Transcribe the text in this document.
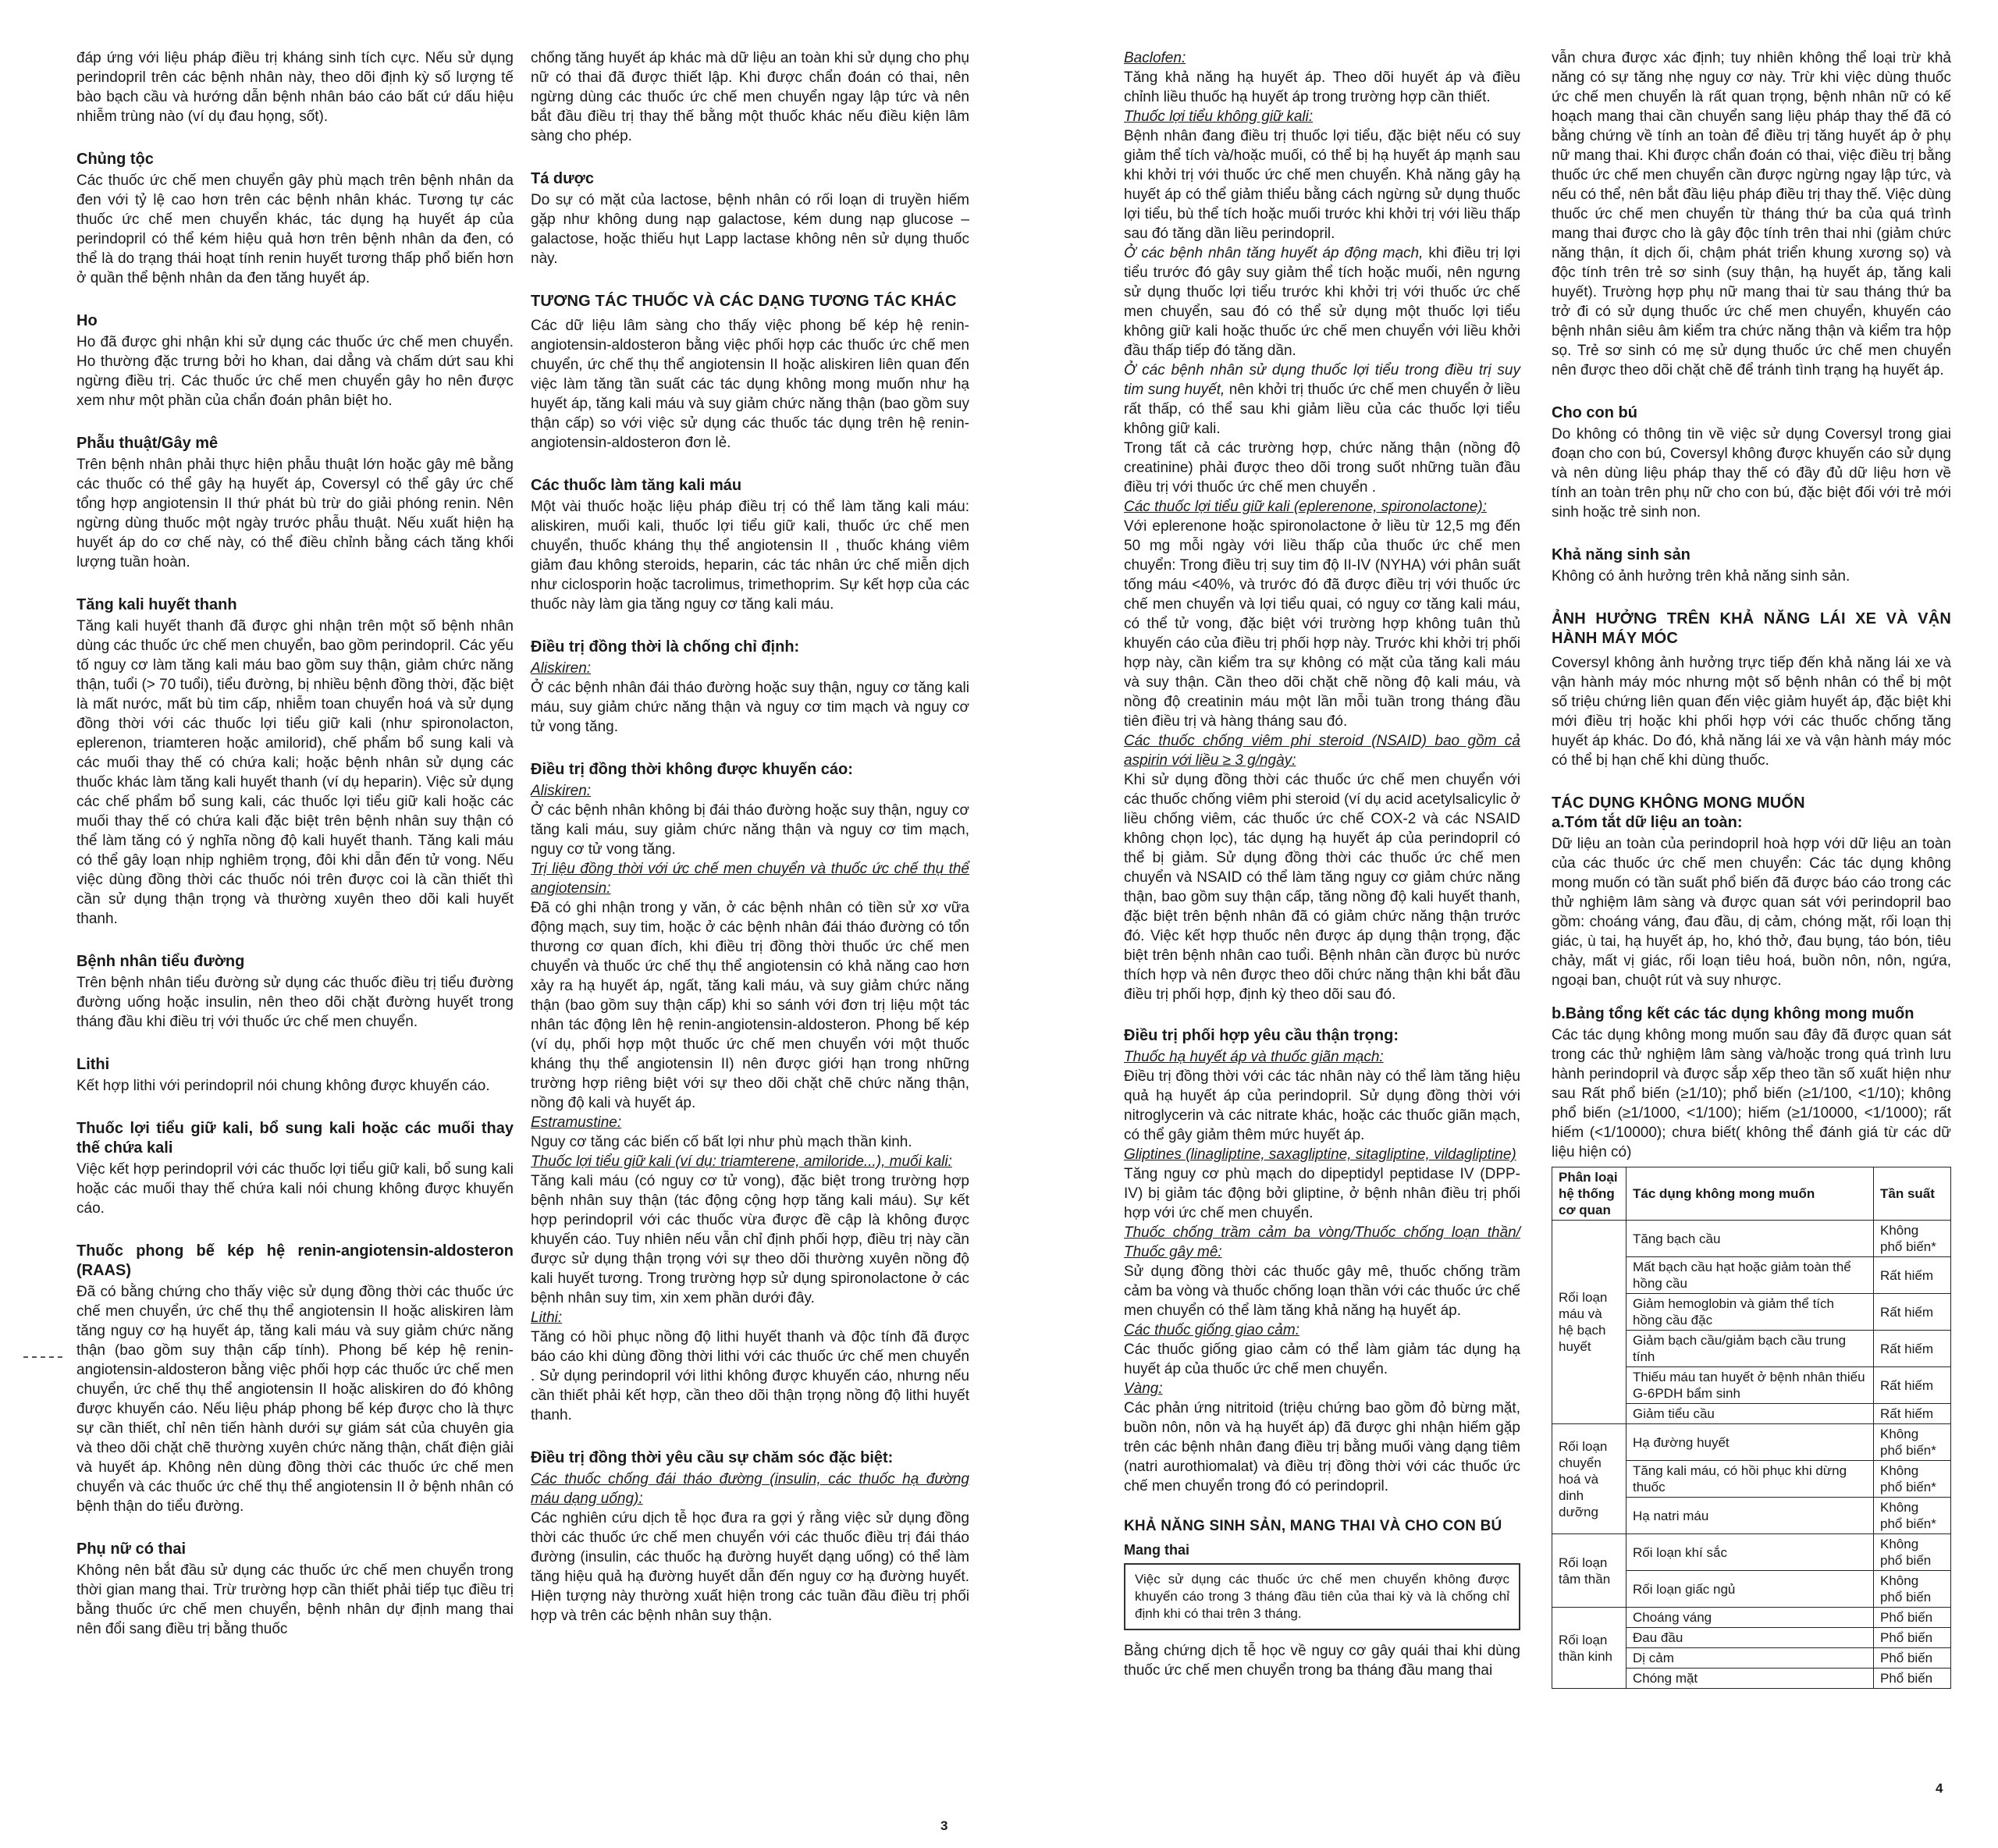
đáp ứng với liệu pháp điều trị kháng sinh tích cực. Nếu sử dụng perindopril trên các bệnh nhân này, theo dõi định kỳ số lượng tế bào bạch cầu và hướng dẫn bệnh nhân báo cáo bất cứ dấu hiệu nhiễm trùng nào (ví dụ đau họng, sốt).

Chủng tộc

Các thuốc ức chế men chuyển gây phù mạch trên bệnh nhân da đen với tỷ lệ cao hơn trên các bệnh nhân khác. Tương tự các thuốc ức chế men chuyển khác, tác dụng hạ huyết áp của perindopril có thể kém hiệu quả hơn trên bệnh nhân da đen, có thể là do trạng thái hoạt tính renin huyết tương thấp phổ biến hơn ở quần thể bệnh nhân da đen tăng huyết áp.

Ho

Ho đã được ghi nhận khi sử dụng các thuốc ức chế men chuyển. Ho thường đặc trưng bởi ho khan, dai dẳng và chấm dứt sau khi ngừng điều trị. Các thuốc ức chế men chuyển gây ho nên được xem như một phần của chẩn đoán phân biệt ho.

Phẫu thuật/Gây mê

Trên bệnh nhân phải thực hiện phẫu thuật lớn hoặc gây mê bằng các thuốc có thể gây hạ huyết áp, Coversyl có thể gây ức chế tổng hợp angiotensin II thứ phát bù trừ do giải phóng renin. Nên ngừng dùng thuốc một ngày trước phẫu thuật. Nếu xuất hiện hạ huyết áp do cơ chế này, có thể điều chỉnh bằng cách tăng khối lượng tuần hoàn.

Tăng kali huyết thanh

Tăng kali huyết thanh đã được ghi nhận trên một số bệnh nhân dùng các thuốc ức chế men chuyển, bao gồm perindopril. Các yếu tố nguy cơ làm tăng kali máu bao gồm suy thận, giảm chức năng thận, tuổi (> 70 tuổi), tiểu đường, bị nhiều bệnh đồng thời, đặc biệt là mất nước, mất bù tim cấp, nhiễm toan chuyển hoá và sử dụng đồng thời với các thuốc lợi tiểu giữ kali (như spironolacton, eplerenon, triamteren hoặc amilorid), chế phẩm bổ sung kali và các muối thay thế có chứa kali; hoặc bệnh nhân sử dụng các thuốc khác làm tăng kali huyết thanh (ví dụ heparin). Việc sử dụng các chế phẩm bổ sung kali, các thuốc lợi tiểu giữ kali hoặc các muối thay thế có chứa kali đặc biệt trên bệnh nhân suy thận có thể làm tăng có ý nghĩa nồng độ kali huyết thanh. Tăng kali máu có thể gây loạn nhịp nghiêm trọng, đôi khi dẫn đến tử vong. Nếu việc dùng đồng thời các thuốc nói trên được coi là cần thiết thì cần sử dụng thận trọng và thường xuyên theo dõi kali huyết thanh.

Bệnh nhân tiểu đường

Trên bệnh nhân tiểu đường sử dụng các thuốc điều trị tiểu đường đường uống hoặc insulin, nên theo dõi chặt đường huyết trong tháng đầu khi điều trị với thuốc ức chế men chuyển.

Lithi

Kết hợp lithi với perindopril nói chung không được khuyến cáo.

Thuốc lợi tiểu giữ kali, bổ sung kali hoặc các muối thay thế chứa kali

Việc kết hợp perindopril với các thuốc lợi tiểu giữ kali, bổ sung kali hoặc các muối thay thế chứa kali nói chung không được khuyến cáo.

Thuốc phong bế kép hệ renin-angiotensin-aldosteron (RAAS)

Đã có bằng chứng cho thấy việc sử dụng đồng thời các thuốc ức chế men chuyển, ức chế thụ thể angiotensin II hoặc aliskiren làm tăng nguy cơ hạ huyết áp, tăng kali máu và suy giảm chức năng thận (bao gồm suy thận cấp tính). Phong bế kép hệ renin-angiotensin-aldosteron bằng việc phối hợp các thuốc ức chế men chuyển, ức chế thụ thể angiotensin II hoặc aliskiren do đó không được khuyến cáo. Nếu liệu pháp phong bế kép được cho là thực sự cần thiết, chỉ nên tiến hành dưới sự giám sát của chuyên gia và theo dõi chặt chẽ thường xuyên chức năng thận, chất điện giải và huyết áp. Không nên dùng đồng thời các thuốc ức chế men chuyển và các thuốc ức chế thụ thể angiotensin II ở bệnh nhân có bệnh thận do tiểu đường.

Phụ nữ có thai

Không nên bắt đầu sử dụng các thuốc ức chế men chuyển trong thời gian mang thai. Trừ trường hợp cần thiết phải tiếp tục điều trị bằng thuốc ức chế men chuyển, bệnh nhân dự định mang thai nên đổi sang điều trị bằng thuốc

chống tăng huyết áp khác mà dữ liệu an toàn khi sử dụng cho phụ nữ có thai đã được thiết lập. Khi được chẩn đoán có thai, nên ngừng dùng các thuốc ức chế men chuyển ngay lập tức và nên bắt đầu điều trị thay thế bằng một thuốc khác nếu điều kiện lâm sàng cho phép.

Tá dược

Do sự có mặt của lactose, bệnh nhân có rối loạn di truyền hiếm gặp như không dung nạp galactose, kém dung nạp glucose – galactose, hoặc thiếu hụt Lapp lactase không nên sử dụng thuốc này.

TƯƠNG TÁC THUỐC VÀ CÁC DẠNG TƯƠNG TÁC KHÁC

Các dữ liệu lâm sàng cho thấy việc phong bế kép hệ renin-angiotensin-aldosteron bằng việc phối hợp các thuốc ức chế men chuyển, ức chế thụ thể angiotensin II hoặc aliskiren liên quan đến việc làm tăng tần suất các tác dụng không mong muốn như hạ huyết áp, tăng kali máu và suy giảm chức năng thận (bao gồm suy thận cấp) so với việc sử dụng các thuốc tác dụng trên hệ renin-angiotensin-aldosteron đơn lẻ.

Các thuốc làm tăng kali máu

Một vài thuốc hoặc liệu pháp điều trị có thể làm tăng kali máu: aliskiren, muối kali, thuốc lợi tiểu giữ kali, thuốc ức chế men chuyển, thuốc kháng thụ thể angiotensin II , thuốc kháng viêm giảm đau không steroids, heparin, các tác nhân ức chế miễn dịch như ciclosporin hoặc tacrolimus, trimethoprim. Sự kết hợp của các thuốc này làm gia tăng nguy cơ tăng kali máu.

Điều trị đồng thời là chống chỉ định:

Aliskiren:

Ở các bệnh nhân đái tháo đường hoặc suy thận, nguy cơ tăng kali máu, suy giảm chức năng thận và nguy cơ tim mạch và nguy cơ tử vong tăng.

Điều trị đồng thời không được khuyến cáo:

Aliskiren:

Ở các bệnh nhân không bị đái tháo đường hoặc suy thận, nguy cơ tăng kali máu, suy giảm chức năng thận và nguy cơ tim mạch, nguy cơ tử vong tăng.

Trị liệu đồng thời với ức chế men chuyển và thuốc ức chế thụ thể angiotensin:

Đã có ghi nhận trong y văn, ở các bệnh nhân có tiền sử xơ vữa động mạch, suy tim, hoặc ở các bệnh nhân đái tháo đường có tổn thương cơ quan đích, khi điều trị đồng thời thuốc ức chế men chuyển và thuốc ức chế thụ thể angiotensin có khả năng cao hơn xảy ra hạ huyết áp, ngất, tăng kali máu, và suy giảm chức năng thận (bao gồm suy thận cấp) khi so sánh với đơn trị liệu một tác nhân tác động lên hệ renin-angiotensin-aldosteron. Phong bế kép (ví dụ, phối hợp một thuốc ức chế men chuyển với một thuốc kháng thụ thể angiotensin II) nên được giới hạn trong những trường hợp riêng biệt với sự theo dõi chặt chẽ chức năng thận, nồng độ kali và huyết áp.

Estramustine:

Nguy cơ tăng các biến cố bất lợi như phù mạch thần kinh.

Thuốc lợi tiểu giữ kali (ví dụ: triamterene, amiloride...), muối kali:

Tăng kali máu (có nguy cơ tử vong), đặc biệt trong trường hợp bệnh nhân suy thận (tác động cộng hợp tăng kali máu). Sự kết hợp perindopril với các thuốc vừa được đề cập là không được khuyến cáo. Tuy nhiên nếu vẫn chỉ định phối hợp, điều trị này cần được sử dụng thận trọng với sự theo dõi thường xuyên nồng độ kali huyết tương. Trong trường hợp sử dụng spironolactone ở các bệnh nhân suy tim, xin xem phần dưới đây.

Lithi:

Tăng có hồi phục nồng độ lithi huyết thanh và độc tính đã được báo cáo khi dùng đồng thời lithi với các thuốc ức chế men chuyển . Sử dụng perindopril với lithi không được khuyến cáo, nhưng nếu cần thiết phải kết hợp, cần theo dõi thận trọng nồng độ lithi huyết thanh.

Điều trị đồng thời yêu cầu sự chăm sóc đặc biệt:

Các thuốc chống đái tháo đường (insulin, các thuốc hạ đường máu dạng uống):

Các nghiên cứu dịch tễ học đưa ra gợi ý rằng việc sử dụng đồng thời các thuốc ức chế men chuyển với các thuốc điều trị đái tháo đường (insulin, các thuốc hạ đường huyết dạng uống) có thể làm tăng hiệu quả hạ đường huyết dẫn đến nguy cơ hạ đường huyết. Hiện tượng này thường xuất hiện trong các tuần đầu điều trị phối hợp và trên các bệnh nhân suy thận.

3

Baclofen:

Tăng khả năng hạ huyết áp. Theo dõi huyết áp và điều chỉnh liều thuốc hạ huyết áp trong trường hợp cần thiết.

Thuốc lợi tiểu không giữ kali:

Bệnh nhân đang điều trị thuốc lợi tiểu, đặc biệt nếu có suy giảm thể tích và/hoặc muối, có thể bị hạ huyết áp mạnh sau khi khởi trị với thuốc ức chế men chuyển. Khả năng gây hạ huyết áp có thể giảm thiểu bằng cách ngừng sử dụng thuốc lợi tiểu, bù thể tích hoặc muối trước khi khởi trị với liều thấp sau đó tăng dần liều perindopril.

Ở các bệnh nhân tăng huyết áp động mạch, khi điều trị lợi tiểu trước đó gây suy giảm thể tích hoặc muối, nên ngưng sử dụng thuốc lợi tiểu trước khi khởi trị với thuốc ức chế men chuyển, sau đó có thể sử dụng một thuốc lợi tiểu không giữ kali hoặc thuốc ức chế men chuyển với liều khởi đầu thấp tiếp đó tăng dần.

Ở các bệnh nhân sử dụng thuốc lợi tiểu trong điều trị suy tim sung huyết, nên khởi trị thuốc ức chế men chuyển ở liều rất thấp, có thể sau khi giảm liều của các thuốc lợi tiểu không giữ kali.

Trong tất cả các trường hợp, chức năng thận (nồng độ creatinine) phải được theo dõi trong suốt những tuần đầu điều trị với thuốc ức chế men chuyển .

Các thuốc lợi tiểu giữ kali (eplerenone, spironolactone):

Với eplerenone hoặc spironolactone ở liều từ 12,5 mg đến 50 mg mỗi ngày với liều thấp của thuốc ức chế men chuyển: Trong điều trị suy tim độ II-IV (NYHA) với phân suất tống máu <40%, và trước đó đã được điều trị với thuốc ức chế men chuyển và lợi tiểu quai, có nguy cơ tăng kali máu, có thể tử vong, đặc biệt với trường hợp không tuân thủ khuyến cáo của điều trị phối hợp này. Trước khi khởi trị phối hợp này, cần kiểm tra sự không có mặt của tăng kali máu và suy thận. Cần theo dõi chặt chẽ nồng độ kali máu, và nồng độ creatinin máu một lần mỗi tuần trong tháng đầu tiên điều trị và hàng tháng sau đó.

Các thuốc chống viêm phi steroid (NSAID) bao gồm cả aspirin với liều ≥ 3 g/ngày:

Khi sử dụng đồng thời các thuốc ức chế men chuyển với các thuốc chống viêm phi steroid (ví dụ acid acetylsalicylic ở liều chống viêm, các thuốc ức chế COX-2 và các NSAID không chọn lọc), tác dụng hạ huyết áp của perindopril có thể bị giảm. Sử dụng đồng thời các thuốc ức chế men chuyển và NSAID có thể làm tăng nguy cơ giảm chức năng thận, bao gồm suy thận cấp, tăng nồng độ kali huyết thanh, đặc biệt trên bệnh nhân đã có giảm chức năng thận trước đó. Việc kết hợp thuốc nên được áp dụng thận trọng, đặc biệt trên bệnh nhân cao tuổi. Bệnh nhân cần được bù nước thích hợp và nên được theo dõi chức năng thận khi bắt đầu điều trị phối hợp, định kỳ theo dõi sau đó.

Điều trị phối hợp yêu cầu thận trọng:

Thuốc hạ huyết áp và thuốc giãn mạch:

Điều trị đồng thời với các tác nhân này có thể làm tăng hiệu quả hạ huyết áp của perindopril. Sử dụng đồng thời với nitroglycerin và các nitrate khác, hoặc các thuốc giãn mạch, có thể gây giảm thêm mức huyết áp.

Gliptines (linagliptine, saxagliptine, sitagliptine, vildagliptine)

Tăng nguy cơ phù mạch do dipeptidyl peptidase IV (DPP-IV) bị giảm tác động bởi gliptine, ở bệnh nhân điều trị phối hợp với ức chế men chuyển.

Thuốc chống trầm cảm ba vòng/Thuốc chống loạn thần/ Thuốc gây mê:

Sử dụng đồng thời các thuốc gây mê, thuốc chống trầm cảm ba vòng và thuốc chống loạn thần với các thuốc ức chế men chuyển có thể làm tăng khả năng hạ huyết áp.

Các thuốc giống giao cảm:

Các thuốc giống giao cảm có thể làm giảm tác dụng hạ huyết áp của thuốc ức chế men chuyển.

Vàng:

Các phản ứng nitritoid (triệu chứng bao gồm đỏ bừng mặt, buồn nôn, nôn và hạ huyết áp) đã được ghi nhận hiếm gặp trên các bệnh nhân đang điều trị bằng muối vàng dạng tiêm (natri aurothiomalat) và điều trị đồng thời với các thuốc ức chế men chuyển trong đó có perindopril.

KHẢ NĂNG SINH SẢN, MANG THAI VÀ CHO CON BÚ
Mang thai
Việc sử dụng các thuốc ức chế men chuyển không được khuyến cáo trong 3 tháng đầu tiên của thai kỳ và là chống chỉ định khi có thai trên 3 tháng.

Bằng chứng dịch tễ học về nguy cơ gây quái thai khi dùng thuốc ức chế men chuyển trong ba tháng đầu mang thai

vẫn chưa được xác định; tuy nhiên không thể loại trừ khả năng có sự tăng nhẹ nguy cơ này. Trừ khi việc dùng thuốc ức chế men chuyển là rất quan trọng, bệnh nhân nữ có kế hoạch mang thai cần chuyển sang liệu pháp thay thế đã có bằng chứng về tính an toàn để điều trị tăng huyết áp ở phụ nữ mang thai. Khi được chẩn đoán có thai, việc điều trị bằng thuốc ức chế men chuyển cần được ngừng ngay lập tức, và nếu có thể, nên bắt đầu liệu pháp điều trị thay thế. Việc dùng thuốc ức chế men chuyển từ tháng thứ ba của quá trình mang thai được cho là gây độc tính trên thai nhi (giảm chức năng thận, ít dịch ối, chậm phát triển khung xương sọ) và độc tính trên trẻ sơ sinh (suy thận, hạ huyết áp, tăng kali huyết). Trường hợp phụ nữ mang thai từ sau tháng thứ ba trở đi có sử dụng thuốc ức chế men chuyển, khuyến cáo bệnh nhân siêu âm kiểm tra chức năng thận và kiểm tra hộp sọ. Trẻ sơ sinh có mẹ sử dụng thuốc ức chế men chuyển nên được theo dõi chặt chẽ để tránh tình trạng hạ huyết áp.

Cho con bú

Do không có thông tin về việc sử dụng Coversyl trong giai đoạn cho con bú, Coversyl không được khuyến cáo sử dụng và nên dùng liệu pháp thay thế có đầy đủ dữ liệu hơn về tính an toàn trên phụ nữ cho con bú, đặc biệt đối với trẻ mới sinh hoặc trẻ sinh non.

Khả năng sinh sản

Không có ảnh hưởng trên khả năng sinh sản.

ẢNH HƯỞNG TRÊN KHẢ NĂNG LÁI XE VÀ VẬN HÀNH MÁY MÓC

Coversyl không ảnh hưởng trực tiếp đến khả năng lái xe và vận hành máy móc nhưng một số bệnh nhân có thể bị một số triệu chứng liên quan đến việc giảm huyết áp, đặc biệt khi mới điều trị hoặc khi phối hợp với các thuốc chống tăng huyết áp khác. Do đó, khả năng lái xe và vận hành máy móc có thể bị hạn chế khi dùng thuốc.

TÁC DỤNG KHÔNG MONG MUỐN
a.Tóm tắt dữ liệu an toàn:

Dữ liệu an toàn của perindopril hoà hợp với dữ liệu an toàn của các thuốc ức chế men chuyển: Các tác dụng không mong muốn có tần suất phổ biến đã được báo cáo trong các thử nghiệm lâm sàng và được quan sát với perindopril bao gồm: choáng váng, đau đầu, dị cảm, chóng mặt, rối loạn thị giác, ù tai, hạ huyết áp, ho, khó thở, đau bụng, táo bón, tiêu chảy, mất vị giác, rối loạn tiêu hoá, buồn nôn, nôn, ngứa, ngoại ban, chuột rút và suy nhược.

b.Bảng tổng kết các tác dụng không mong muốn

Các tác dụng không mong muốn sau đây đã được quan sát trong các thử nghiệm lâm sàng và/hoặc trong quá trình lưu hành perindopril và được sắp xếp theo tần số xuất hiện như sau Rất phổ biến (≥1/10); phổ biến (≥1/100, <1/10); không phổ biến (≥1/1000, <1/100); hiếm (≥1/10000, <1/1000); rất hiếm (<1/10000); chưa biết( không thể đánh giá từ các dữ liệu hiện có)

Phân loại hệ thống cơ quan	Tác dụng không mong muốn	Tần suất
Rối loạn máu và hệ bạch huyết	Tăng bạch cầu	Không phổ biến*
	Mất bạch cầu hạt hoặc giảm toàn thể hồng cầu	Rất hiếm
	Giảm hemoglobin và giảm thể tích hồng cầu đặc	Rất hiếm
	Giảm bạch cầu/giảm bạch cầu trung tính	Rất hiếm
	Thiếu máu tan huyết ở bệnh nhân thiếu G-6PDH bẩm sinh	Rất hiếm
	Giảm tiểu cầu	Rất hiếm
Rối loạn chuyển hoá và dinh dưỡng	Hạ đường huyết	Không phổ biến*
	Tăng kali máu, có hồi phục khi dừng thuốc	Không phổ biến*
	Hạ natri máu	Không phổ biến*
Rối loạn tâm thần	Rối loạn khí sắc	Không phổ biến
	Rối loạn giấc ngủ	Không phổ biến
Rối loạn thần kinh	Choáng váng	Phổ biến
	Đau đầu	Phổ biến
	Dị cảm	Phổ biến
	Chóng mặt	Phổ biến
4
